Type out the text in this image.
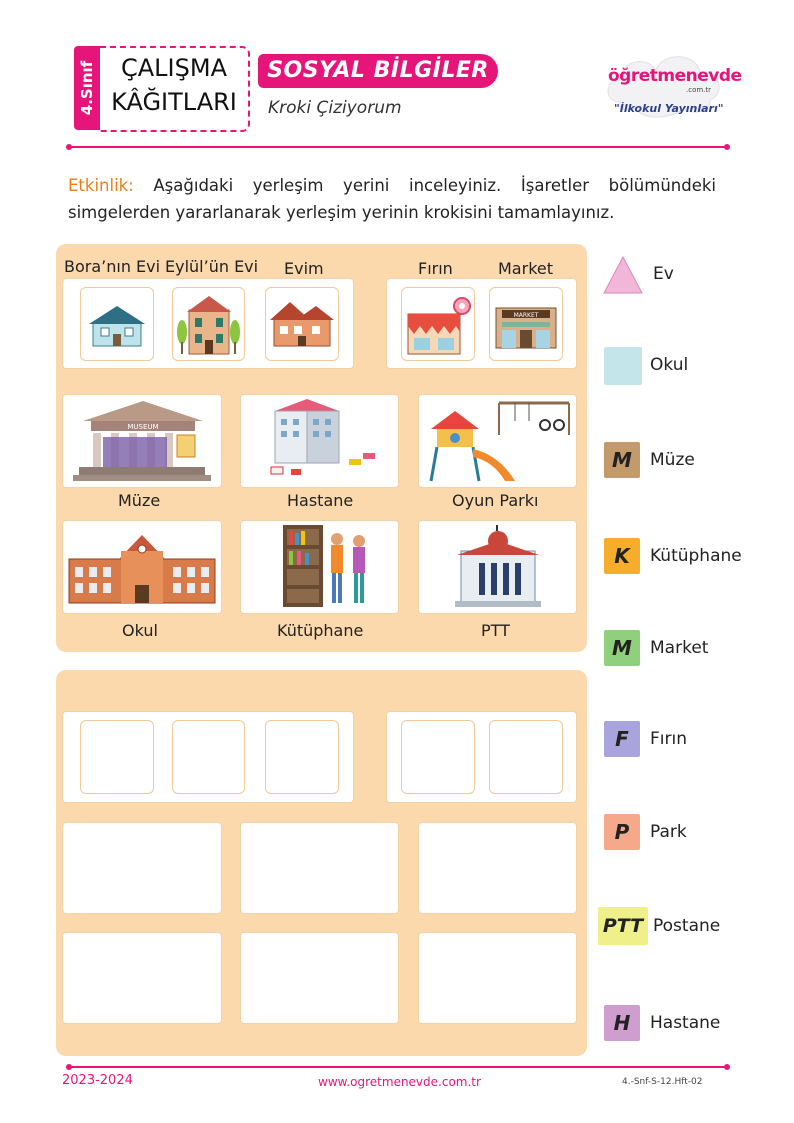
4.Sınıf	ÇALIŞMA
KÂĞITLARI
SOSYAL BİLGİLER
Kroki Çiziyorum
öğretmenevde
.com.tr
"İlkokul Yayınları"
Etkinlik: Aşağıdaki yerleşim yerini inceleyiniz. İşaretler bölümündeki simgelerden yararlanarak yerleşim yerinin krokisini tamamlayınız.
Bora’nın Evi Eylül’ün Evi Evim	Fırın	Market
MARKET
MUSEUM
Müze	Hastane	Oyun Parkı
Okul	Kütüphane	PTT
Ev
Okul
M	Müze
K	Kütüphane
M	Market
F	Fırın
P	Park
PTT Postane
H	Hastane
2023-2024	www.ogretmenevde.com.tr	4.-Snf-S-12.Hft-02
